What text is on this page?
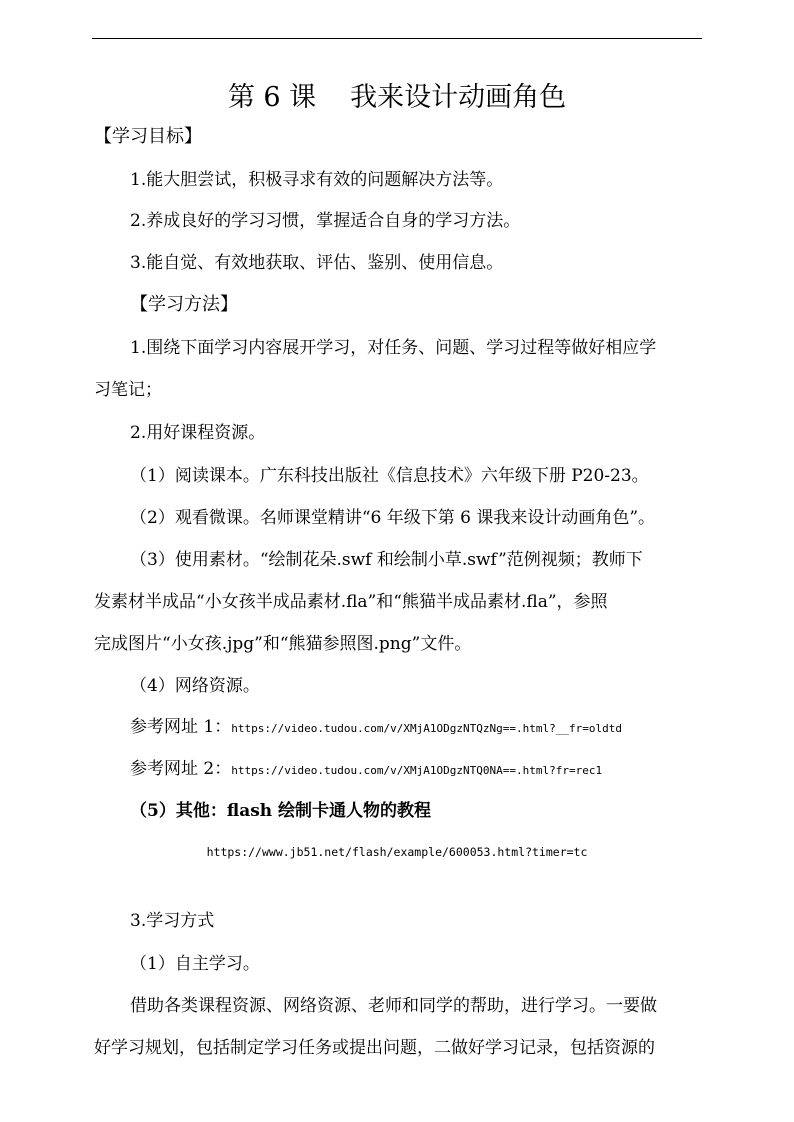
第 6 课 我来设计动画角色
【学习目标】
1.能大胆尝试，积极寻求有效的问题解决方法等。
2.养成良好的学习习惯，掌握适合自身的学习方法。
3.能自觉、有效地获取、评估、鉴别、使用信息。
【学习方法】
1.围绕下面学习内容展开学习，对任务、问题、学习过程等做好相应学
习笔记；
2.用好课程资源。
（1）阅读课本。广东科技出版社《信息技术》六年级下册 P20-23。
（2）观看微课。名师课堂精讲“6 年级下第 6 课我来设计动画角色”。
（3）使用素材。“绘制花朵.swf 和绘制小草.swf”范例视频；教师下
发素材半成品“小女孩半成品素材.fla”和“熊猫半成品素材.fla”，参照
完成图片“小女孩.jpg”和“熊猫参照图.png”文件。
（4）网络资源。
参考网址 1：https://video.tudou.com/v/XMjA1ODgzNTQzNg==.html?__fr=oldtd
参考网址 2：https://video.tudou.com/v/XMjA1ODgzNTQ0NA==.html?fr=rec1
（5）其他：flash 绘制卡通人物的教程
https://www.jb51.net/flash/example/600053.html?timer=tc
3.学习方式
（1）自主学习。
借助各类课程资源、网络资源、老师和同学的帮助，进行学习。一要做
好学习规划，包括制定学习任务或提出问题，二做好学习记录，包括资源的
